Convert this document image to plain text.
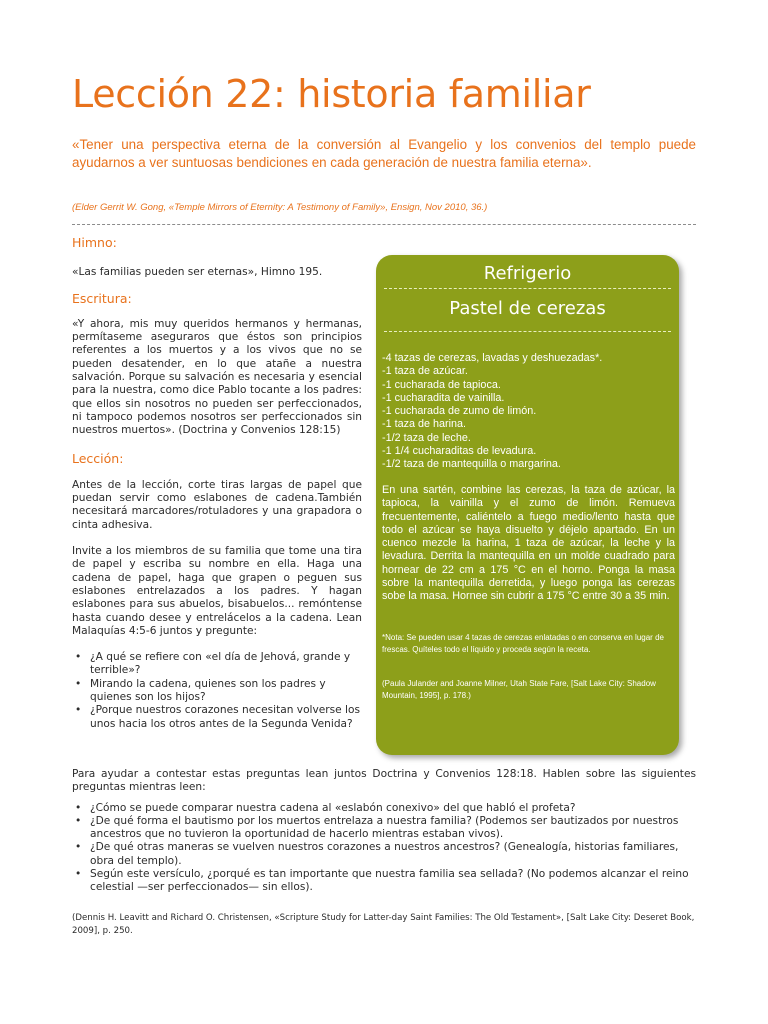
Lección 22: historia familiar

«Tener una perspectiva eterna de la conversión al Evangelio y los convenios del templo puede ayudarnos a ver suntuosas bendiciones en cada generación de nuestra familia eterna».

(Elder Gerrit W. Gong, «Temple Mirrors of Eternity: A Testimony of Family», Ensign, Nov 2010, 36.)

Himno:

«Las familias pueden ser eternas», Himno 195.

Escritura:

«Y ahora, mis muy queridos hermanos y hermanas, permítaseme aseguraros que éstos son principios referentes a los muertos y a los vivos que no se pueden desatender, en lo que atañe a nuestra salvación. Porque su salvación es necesaria y esencial para la nuestra, como dice Pablo tocante a los padres: que ellos sin nosotros no pueden ser perfeccionados, ni tampoco podemos nosotros ser perfeccionados sin nuestros muertos». (Doctrina y Convenios 128:15)

Lección:

Antes de la lección, corte tiras largas de papel que puedan servir como eslabones de cadena.También necesitará marcadores/rotuladores y una grapadora o cinta adhesiva.

Invite a los miembros de su familia que tome una tira de papel y escriba su nombre en ella. Haga una cadena de papel, haga que grapen o peguen sus eslabones entrelazados a los padres. Y hagan eslabones para sus abuelos, bisabuelos... remóntense hasta cuando desee y entrelácelos a la cadena. Lean Malaquías 4:5-6 juntos y pregunte:

• ¿A qué se refiere con «el día de Jehová, grande y terrible»?
• Mirando la cadena, quienes son los padres y quienes son los hijos?
• ¿Porque nuestros corazones necesitan volverse los unos hacia los otros antes de la Segunda Venida?
Refrigerio
Pastel de cerezas
-4 tazas de cerezas, lavadas y deshuezadas*.
-1 taza de azúcar.
-1 cucharada de tapioca.
-1 cucharadita de vainilla.
-1 cucharada de zumo de limón.
-1 taza de harina.
-1/2 taza de leche.
-1 1/4 cucharaditas de levadura.
-1/2 taza de mantequilla o margarina.

En una sartén, combine las cerezas, la taza de azúcar, la tapioca, la vainilla y el zumo de limón. Remueva frecuentemente, caliéntelo a fuego medio/lento hasta que todo el azúcar se haya disuelto y déjelo apartado. En un cuenco mezcle la harina, 1 taza de azúcar, la leche y la levadura. Derrita la mantequilla en un molde cuadrado para hornear de 22 cm a 175 °C en el horno. Ponga la masa sobre la mantequilla derretida, y luego ponga las cerezas sobe la masa. Hornee sin cubrir a 175 °C entre 30 a 35 min.

*Nota: Se pueden usar 4 tazas de cerezas enlatadas o en conserva en lugar de frescas. Quíteles todo el líquido y proceda según la receta.

(Paula Julander and Joanne Milner, Utah State Fare, [Salt Lake City: Shadow Mountain, 1995], p. 178.)

Para ayudar a contestar estas preguntas lean juntos Doctrina y Convenios 128:18. Hablen sobre las siguientes preguntas mientras leen:

• ¿Cómo se puede comparar nuestra cadena al «eslabón conexivo» del que habló el profeta?
• ¿De qué forma el bautismo por los muertos entrelaza a nuestra familia? (Podemos ser bautizados por nuestros ancestros que no tuvieron la oportunidad de hacerlo mientras estaban vivos).
• ¿De qué otras maneras se vuelven nuestros corazones a nuestros ancestros? (Genealogía, historias familiares, obra del templo).
• Según este versículo, ¿porqué es tan importante que nuestra familia sea sellada? (No podemos alcanzar el reino celestial —ser perfeccionados— sin ellos).

(Dennis H. Leavitt and Richard O. Christensen, «Scripture Study for Latter-day Saint Families: The Old Testament», [Salt Lake City: Deseret Book, 2009], p. 250.
